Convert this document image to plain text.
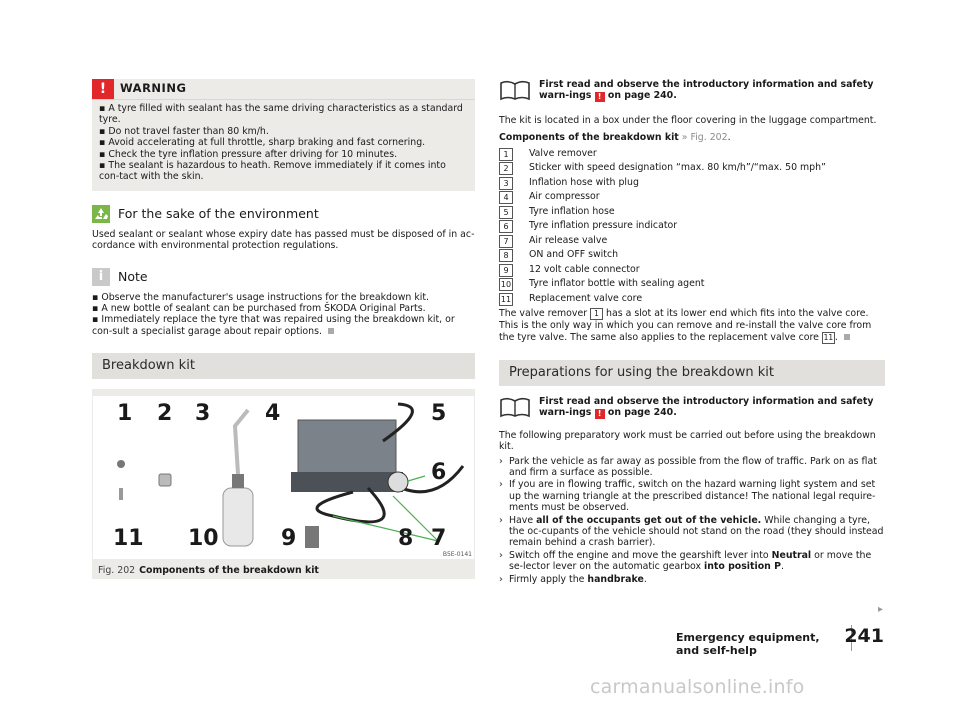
!	WARNING
▪ A tyre filled with sealant has the same driving characteristics as a standard tyre.
▪ Do not travel faster than 80 km/h.
▪ Avoid accelerating at full throttle, sharp braking and fast cornering.
▪ Check the tyre inflation pressure after driving for 10 minutes.
▪ The sealant is hazardous to heath. Remove immediately if it comes into con-tact with the skin.
For the sake of the environment
Used sealant or sealant whose expiry date has passed must be disposed of in ac-cordance with environmental protection regulations.
i	Note
▪ Observe the manufacturer's usage instructions for the breakdown kit.
▪ A new bottle of sealant can be purchased from ŠKODA Original Parts.
▪ Immediately replace the tyre that was repaired using the breakdown kit, or con-sult a specialist garage about repair options.
Breakdown kit
1 2 3 4	5
6
7
8
9
10
11
B5E-0141
Fig. 202 Components of the breakdown kit
First read and observe the introductory information and safety warn-ings ! on page 240.
The kit is located in a box under the floor covering in the luggage compartment.
Components of the breakdown kit » Fig. 202.
1	Valve remover
2	Sticker with speed designation “max. 80 km/h”/“max. 50 mph”
3	Inflation hose with plug
4	Air compressor
5	Tyre inflation hose
6	Tyre inflation pressure indicator
7	Air release valve
8	ON and OFF switch
9	12 volt cable connector
10 Tyre inflator bottle with sealing agent
11 Replacement valve core
The valve remover 1 has a slot at its lower end which fits into the valve core. This is the only way in which you can remove and re-install the valve core from the tyre valve. The same also applies to the replacement valve core 11 .
Preparations for using the breakdown kit
First read and observe the introductory information and safety warn-ings ! on page 240.
The following preparatory work must be carried out before using the breakdown kit.
› Park the vehicle as far away as possible from the flow of traffic. Park on as flat and firm a surface as possible.
› If you are in flowing traffic, switch on the hazard warning light system and set up the warning triangle at the prescribed distance! The national legal require-ments must be observed.
› Have all of the occupants get out of the vehicle. While changing a tyre, the oc-cupants of the vehicle should not stand on the road (they should instead remain behind a crash barrier).
› Switch off the engine and move the gearshift lever into Neutral or move the se-lector lever on the automatic gearbox into position P.
› Firmly apply the handbrake.
▸
Emergency equipment, and self-help
241
carmanualsonline.info
